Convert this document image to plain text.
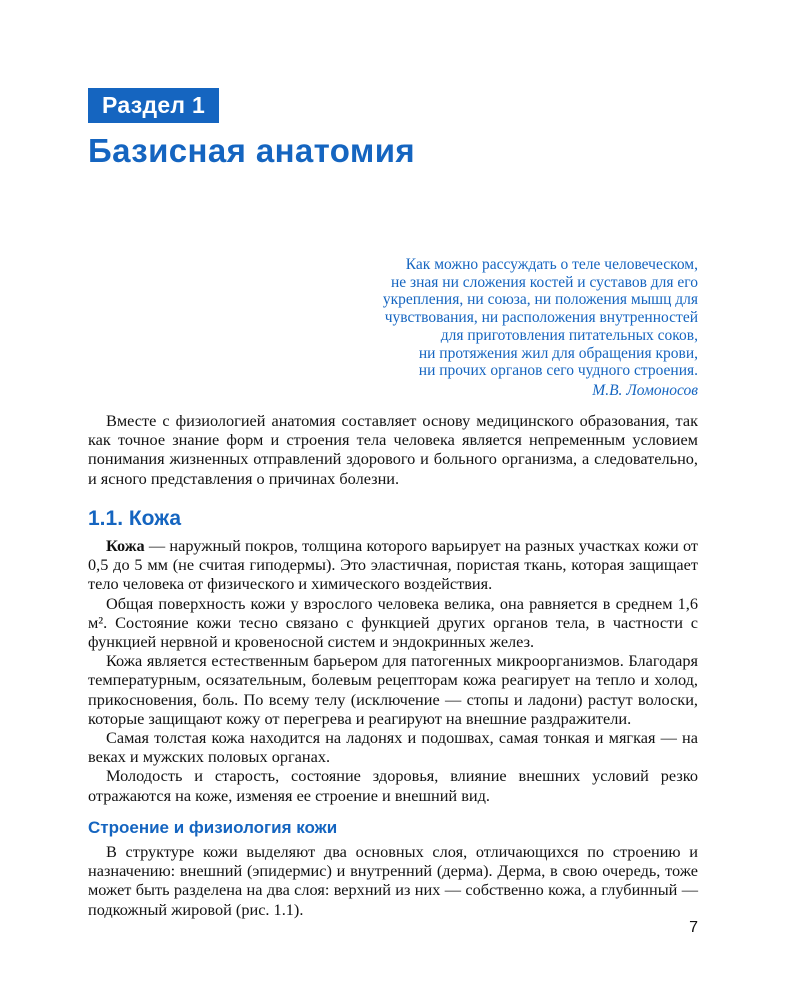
Раздел 1
Базисная анатомия
Как можно рассуждать о теле человеческом,
не зная ни сложения костей и суставов для его
укрепления, ни союза, ни положения мышц для
чувствования, ни расположения внутренностей
для приготовления питательных соков,
ни протяжения жил для обращения крови,
ни прочих органов сего чудного строения.
М.В. Ломоносов

Вместе с физиологией анатомия составляет основу медицинского образования, так как точное знание форм и строения тела человека является непременным условием понимания жизненных отправлений здорового и больного организма, а следовательно, и ясного представления о причинах болезни.

1.1. Кожа

Кожа — наружный покров, толщина которого варьирует на разных участках кожи от 0,5 до 5 мм (не считая гиподермы). Это эластичная, пористая ткань, которая защищает тело человека от физического и химического воздействия.

Общая поверхность кожи у взрослого человека велика, она равняется в среднем 1,6 м². Состояние кожи тесно связано с функцией других органов тела, в частности с функцией нервной и кровеносной систем и эндокринных желез.

Кожа является естественным барьером для патогенных микроорганизмов. Благодаря температурным, осязательным, болевым рецепторам кожа реагирует на тепло и холод, прикосновения, боль. По всему телу (исключение — стопы и ладони) растут волоски, которые защищают кожу от перегрева и реагируют на внешние раздражители.

Самая толстая кожа находится на ладонях и подошвах, самая тонкая и мягкая — на веках и мужских половых органах.

Молодость и старость, состояние здоровья, влияние внешних условий резко отражаются на коже, изменяя ее строение и внешний вид.

Строение и физиология кожи

В структуре кожи выделяют два основных слоя, отличающихся по строению и назначению: внешний (эпидермис) и внутренний (дерма). Дерма, в свою очередь, тоже может быть разделена на два слоя: верхний из них — собственно кожа, а глубинный — подкожный жировой (рис. 1.1).

7
